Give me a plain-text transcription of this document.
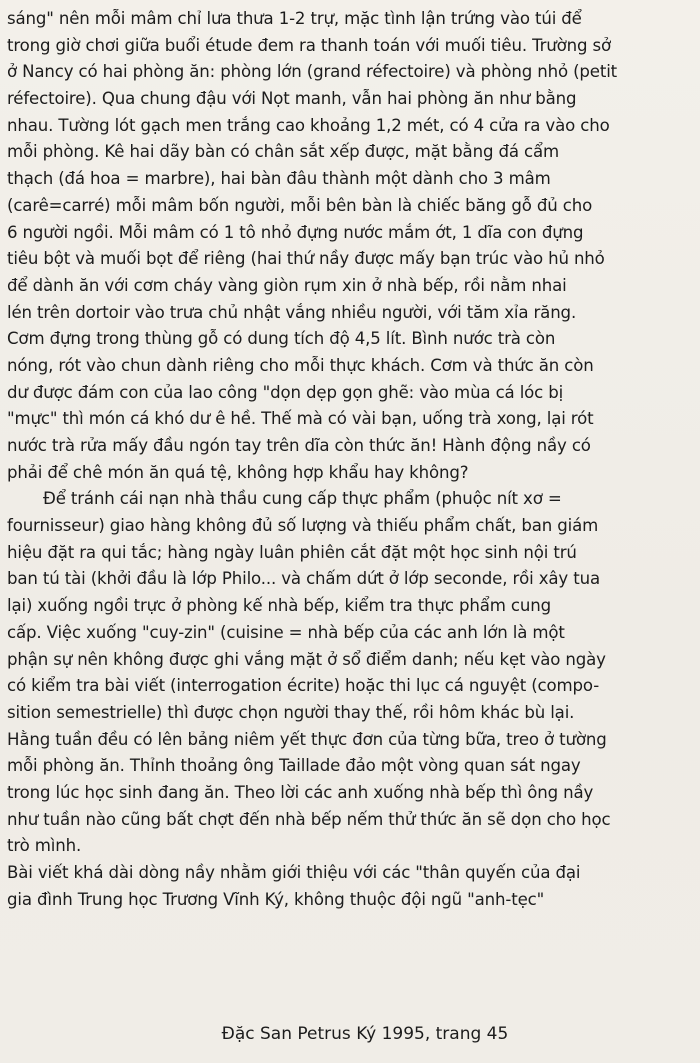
sáng" nên mỗi mâm chỉ lưa thưa 1-2 trự, mặc tình lận trứng vào túi để
trong giờ chơi giữa buổi étude đem ra thanh toán với muối tiêu. Trường sở
ở Nancy có hai phòng ăn: phòng lớn (grand réfectoire) và phòng nhỏ (petit
réfectoire). Qua chung đậu với Nọt manh, vẫn hai phòng ăn như bằng
nhau. Tường lót gạch men trắng cao khoảng 1,2 mét, có 4 cửa ra vào cho
mỗi phòng. Kê hai dãy bàn có chân sắt xếp được, mặt bằng đá cẩm
thạch (đá hoa = marbre), hai bàn đâu thành một dành cho 3 mâm
(carê=carré) mỗi mâm bốn người, mỗi bên bàn là chiếc băng gỗ đủ cho
6 người ngồi. Mỗi mâm có 1 tô nhỏ đựng nước mắm ớt, 1 dĩa con đựng
tiêu bột và muối bọt để riêng (hai thứ nầy được mấy bạn trúc vào hủ nhỏ
để dành ăn với cơm cháy vàng giòn rụm xin ở nhà bếp, rồi nằm nhai
lén trên dortoir vào trưa chủ nhật vắng nhiều người, với tăm xỉa răng.
Cơm đựng trong thùng gỗ có dung tích độ 4,5 lít. Bình nước trà còn
nóng, rót vào chun dành riêng cho mỗi thực khách. Cơm và thức ăn còn
dư được đám con của lao công "dọn dẹp gọn ghẽ: vào mùa cá lóc bị
"mực" thì món cá khó dư ê hề. Thế mà có vài bạn, uống trà xong, lại rót
nước trà rửa mấy đầu ngón tay trên dĩa còn thức ăn! Hành động nầy có
phải để chê món ăn quá tệ, không hợp khẩu hay không?
Để tránh cái nạn nhà thầu cung cấp thực phẩm (phuộc nít xơ =
fournisseur) giao hàng không đủ số lượng và thiếu phẩm chất, ban giám
hiệu đặt ra qui tắc; hàng ngày luân phiên cắt đặt một học sinh nội trú
ban tú tài (khởi đầu là lớp Philo... và chấm dứt ở lớp seconde, rồi xây tua
lại) xuống ngồi trực ở phòng kế nhà bếp, kiểm tra thực phẩm cung
cấp. Việc xuống "cuy-zin" (cuisine = nhà bếp của các anh lớn là một
phận sự nên không được ghi vắng mặt ở sổ điểm danh; nếu kẹt vào ngày
có kiểm tra bài viết (interrogation écrite) hoặc thi lục cá nguyệt (compo-
sition semestrielle) thì được chọn người thay thế, rồi hôm khác bù lại.
Hằng tuần đều có lên bảng niêm yết thực đơn của từng bữa, treo ở tường
mỗi phòng ăn. Thỉnh thoảng ông Taillade đảo một vòng quan sát ngay
trong lúc học sinh đang ăn. Theo lời các anh xuống nhà bếp thì ông nầy
như tuần nào cũng bất chợt đến nhà bếp nếm thử thức ăn sẽ dọn cho học
trò mình.
Bài viết khá dài dòng nầy nhằm giới thiệu với các "thân quyến của đại
gia đình Trung học Trương Vĩnh Ký, không thuộc đội ngũ "anh-tẹc"
Đặc San Petrus Ký 1995, trang 45
